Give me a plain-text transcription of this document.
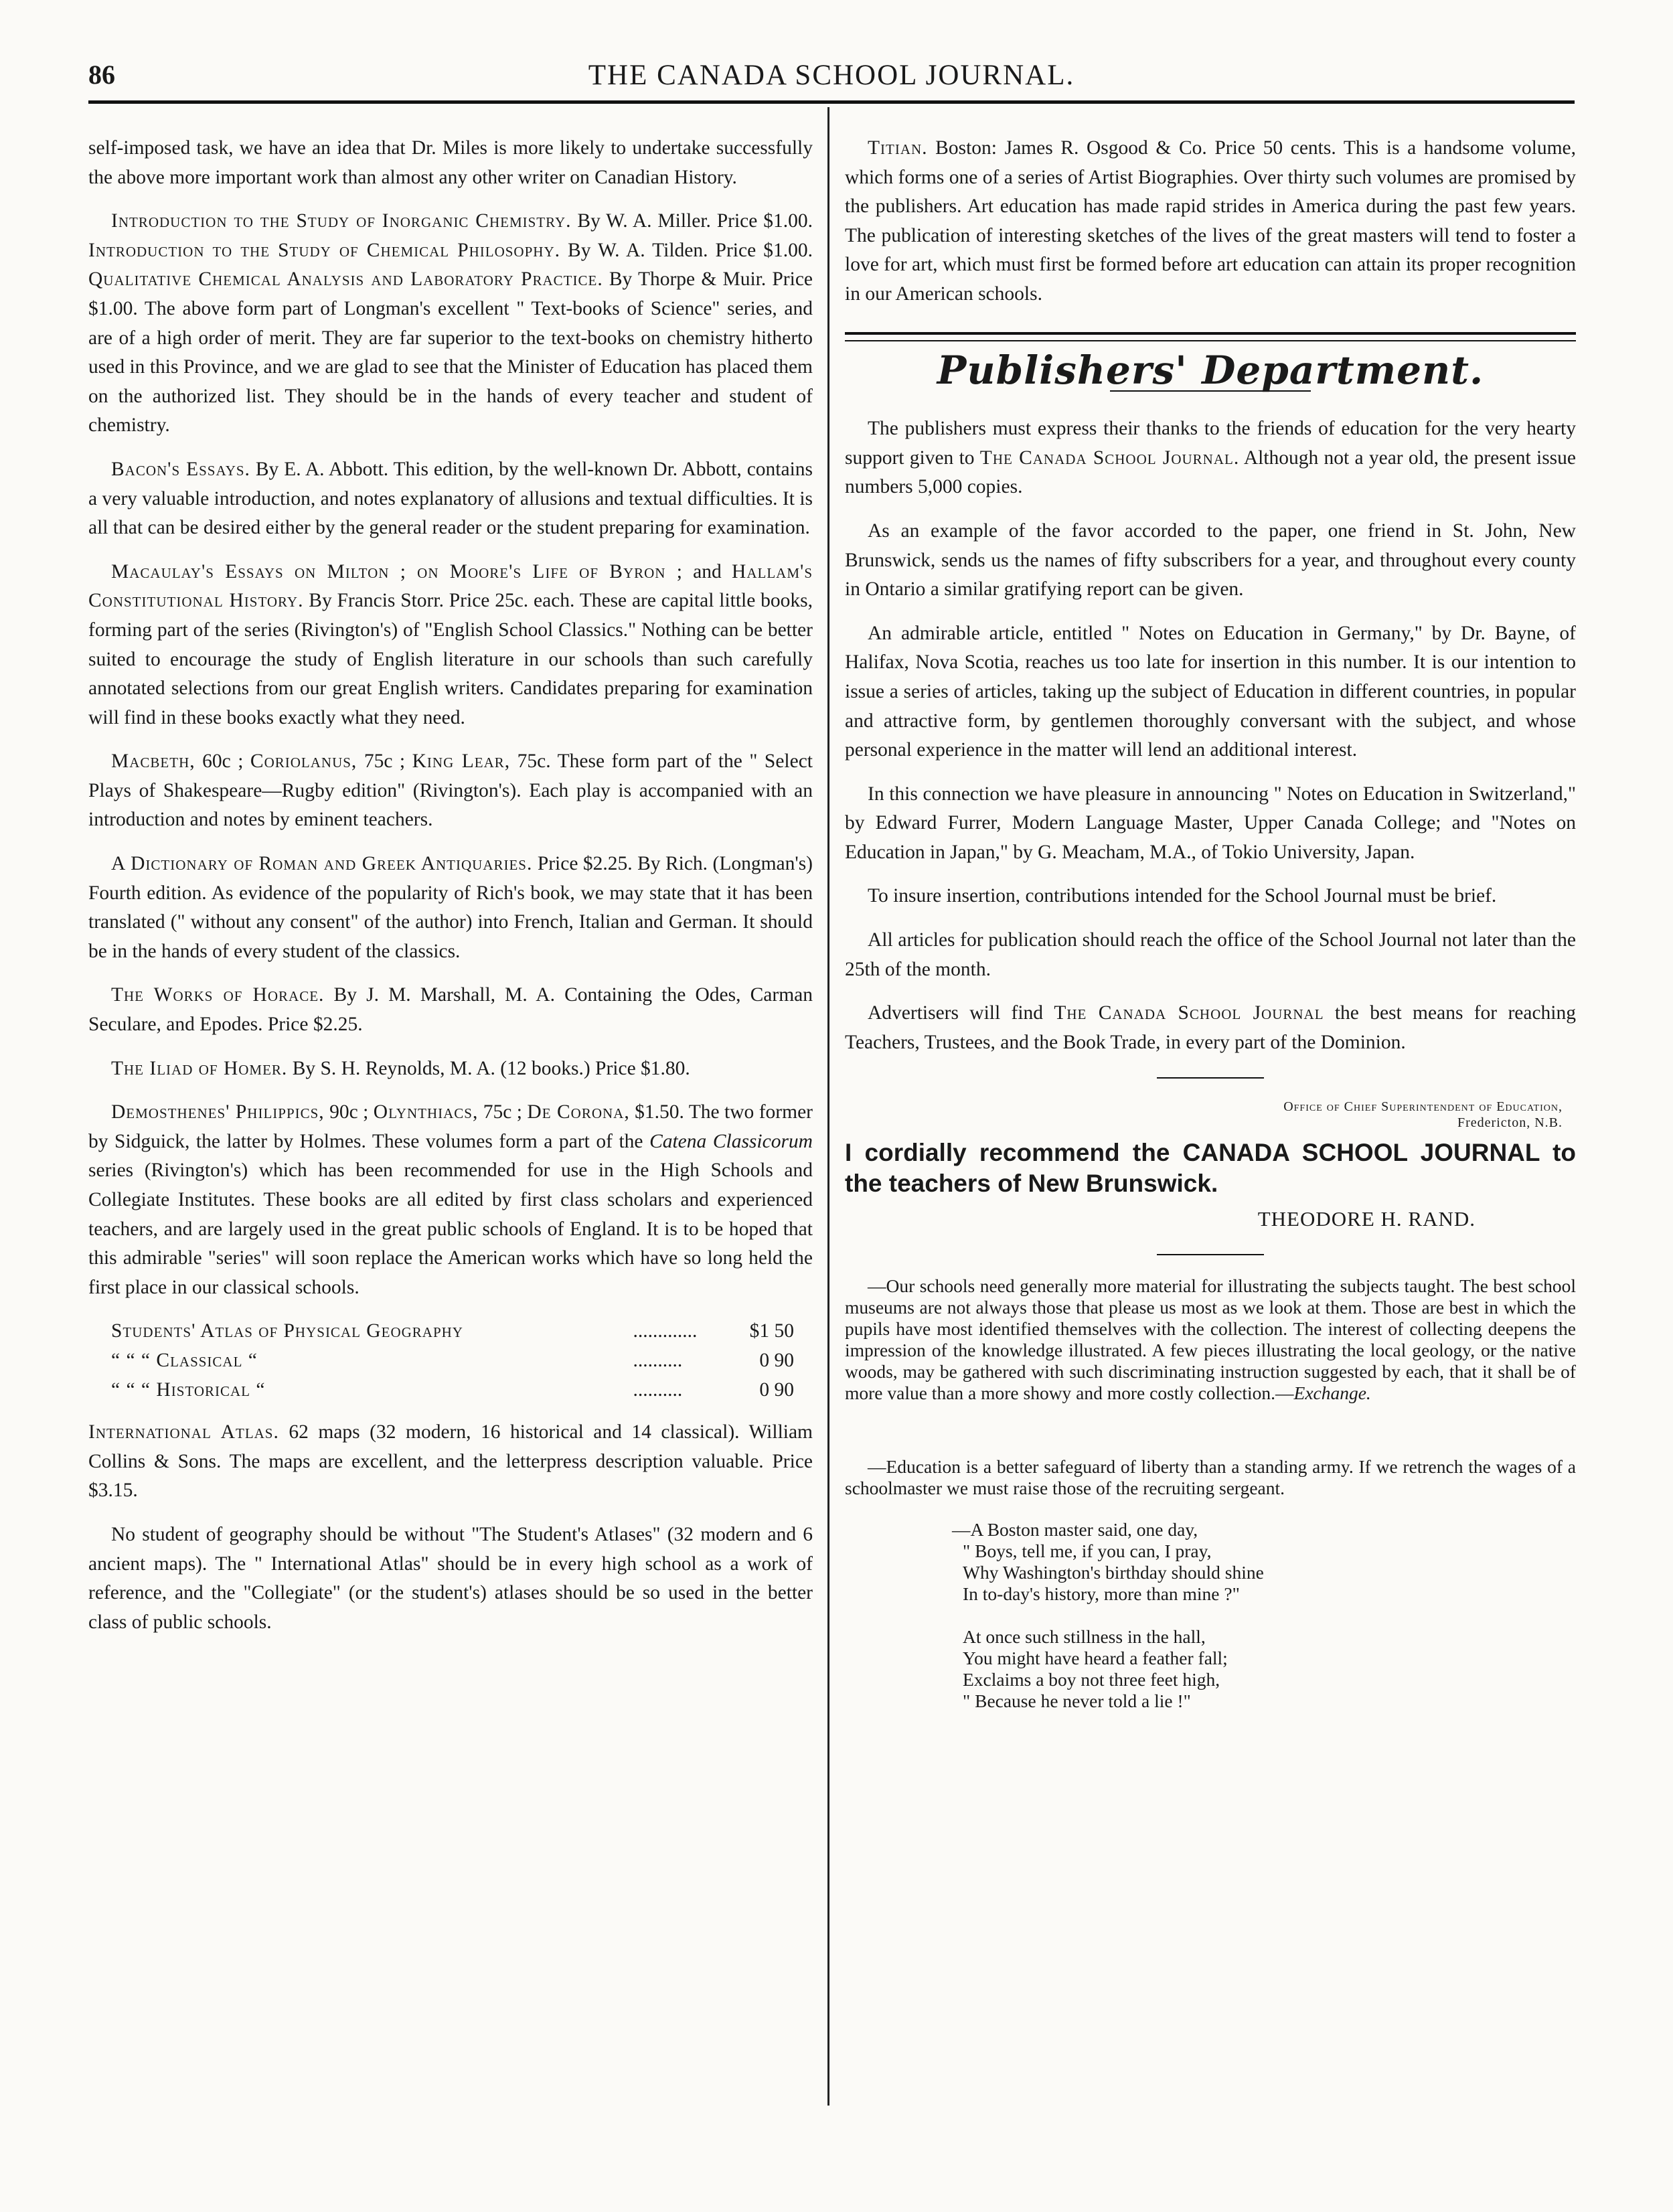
86	THE CANADA SCHOOL JOURNAL.

self-imposed task, we have an idea that Dr. Miles is more likely to undertake successfully the above more important work than almost any other writer on Canadian History.

Introduction to the Study of Inorganic Chemistry. By W. A. Miller. Price $1.00. Introduction to the Study of Chemical Philosophy. By W. A. Tilden. Price $1.00. Qualitative Chemical Analysis and Laboratory Practice. By Thorpe & Muir. Price $1.00. The above form part of Longman's excellent " Text-books of Science" series, and are of a high order of merit. They are far superior to the text-books on chemistry hitherto used in this Province, and we are glad to see that the Minister of Education has placed them on the authorized list. They should be in the hands of every teacher and student of chemistry.

Bacon's Essays. By E. A. Abbott. This edition, by the well-known Dr. Abbott, contains a very valuable introduction, and notes explanatory of allusions and textual difficulties. It is all that can be desired either by the general reader or the student preparing for examination.

Macaulay's Essays on Milton ; on Moore's Life of Byron ; and Hallam's Constitutional History. By Francis Storr. Price 25c. each. These are capital little books, forming part of the series (Rivington's) of "English School Classics." Nothing can be better suited to encourage the study of English literature in our schools than such carefully annotated selections from our great English writers. Candidates preparing for examination will find in these books exactly what they need.

Macbeth, 60c ; Coriolanus, 75c ; King Lear, 75c. These form part of the " Select Plays of Shakespeare—Rugby edition" (Rivington's). Each play is accompanied with an introduction and notes by eminent teachers.

A Dictionary of Roman and Greek Antiquaries. Price $2.25. By Rich. (Longman's) Fourth edition. As evidence of the popularity of Rich's book, we may state that it has been translated (" without any consent" of the author) into French, Italian and German. It should be in the hands of every student of the classics.

The Works of Horace. By J. M. Marshall, M. A. Containing the Odes, Carman Seculare, and Epodes. Price $2.25.

The Iliad of Homer. By S. H. Reynolds, M. A. (12 books.) Price $1.80.

Demosthenes' Philippics, 90c ; Olynthiacs, 75c ; De Corona, $1.50. The two former by Sidguick, the latter by Holmes. These volumes form a part of the Catena Classicorum series (Rivington's) which has been recommended for use in the High Schools and Collegiate Institutes. These books are all edited by first class scholars and experienced teachers, and are largely used in the great public schools of England. It is to be hoped that this admirable "series" will soon replace the American works which have so long held the first place in our classical schools.

Students' Atlas of Physical Geography	.............	$1 50
“ “ “ Classical “	..........	0 90
“ “ “ Historical “	..........	0 90

International Atlas. 62 maps (32 modern, 16 historical and 14 classical). William Collins & Sons. The maps are excellent, and the letterpress description valuable. Price $3.15.

No student of geography should be without "The Student's Atlases" (32 modern and 6 ancient maps). The " International Atlas" should be in every high school as a work of reference, and the "Collegiate" (or the student's) atlases should be so used in the better class of public schools.

Titian. Boston: James R. Osgood & Co. Price 50 cents. This is a handsome volume, which forms one of a series of Artist Biographies. Over thirty such volumes are promised by the publishers. Art education has made rapid strides in America during the past few years. The publication of interesting sketches of the lives of the great masters will tend to foster a love for art, which must first be formed before art education can attain its proper recognition in our American schools.

Publishers' Department.

The publishers must express their thanks to the friends of education for the very hearty support given to The Canada School Journal. Although not a year old, the present issue numbers 5,000 copies.

As an example of the favor accorded to the paper, one friend in St. John, New Brunswick, sends us the names of fifty subscribers for a year, and throughout every county in Ontario a similar gratifying report can be given.

An admirable article, entitled " Notes on Education in Germany," by Dr. Bayne, of Halifax, Nova Scotia, reaches us too late for insertion in this number. It is our intention to issue a series of articles, taking up the subject of Education in different countries, in popular and attractive form, by gentlemen thoroughly conversant with the subject, and whose personal experience in the matter will lend an additional interest.

In this connection we have pleasure in announcing " Notes on Education in Switzerland," by Edward Furrer, Modern Language Master, Upper Canada College; and "Notes on Education in Japan," by G. Meacham, M.A., of Tokio University, Japan.

To insure insertion, contributions intended for the School Journal must be brief.

All articles for publication should reach the office of the School Journal not later than the 25th of the month.

Advertisers will find The Canada School Journal the best means for reaching Teachers, Trustees, and the Book Trade, in every part of the Dominion.

Office of Chief Superintendent of Education,
Fredericton, N.B.
I cordially recommend the CANADA SCHOOL JOURNAL to the teachers of New Brunswick.
THEODORE H. RAND.

—Our schools need generally more material for illustrating the subjects taught. The best school museums are not always those that please us most as we look at them. Those are best in which the pupils have most identified themselves with the collection. The interest of collecting deepens the impression of the knowledge illustrated. A few pieces illustrating the local geology, or the native woods, may be gathered with such discriminating instruction suggested by each, that it shall be of more value than a more showy and more costly collection.—Exchange.

—Education is a better safeguard of liberty than a standing army. If we retrench the wages of a schoolmaster we must raise those of the recruiting sergeant.

—A Boston master said, one day,
" Boys, tell me, if you can, I pray,
Why Washington's birthday should shine
In to-day's history, more than mine ?"
At once such stillness in the hall,
You might have heard a feather fall;
Exclaims a boy not three feet high,
" Because he never told a lie !"
